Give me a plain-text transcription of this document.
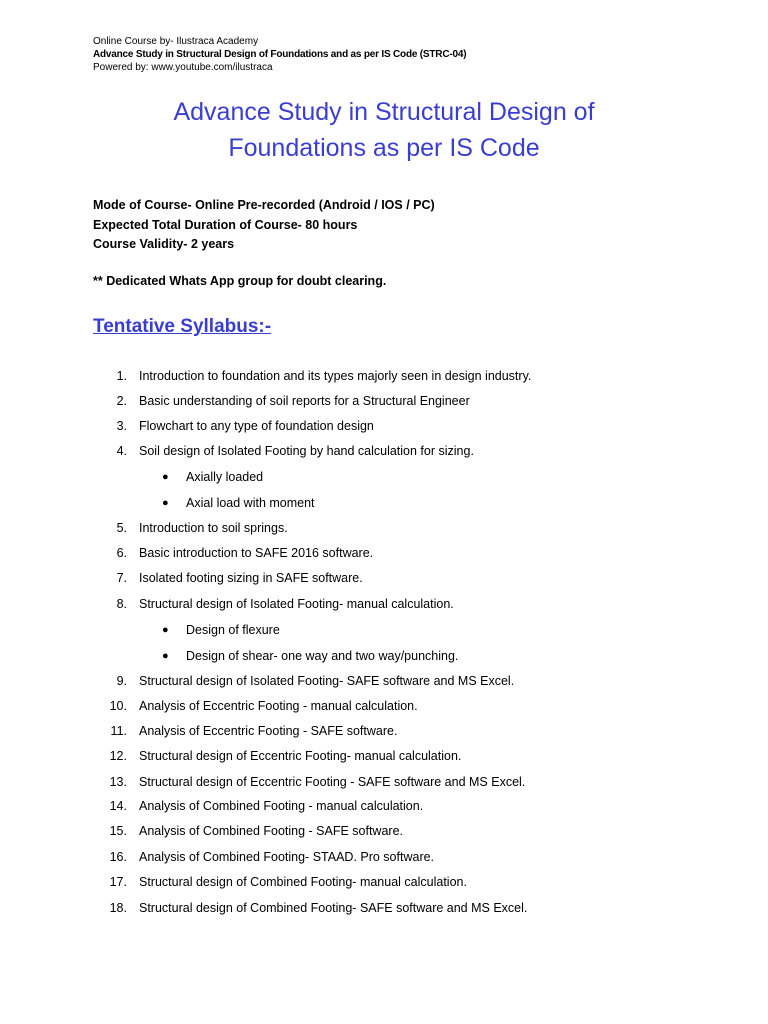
Online Course by- Ilustraca Academy
Advance Study in Structural Design of Foundations and as per IS Code (STRC-04)
Powered by: www.youtube.com/ilustraca
Advance Study in Structural Design of
Foundations as per IS Code
Mode of Course- Online Pre-recorded (Android / IOS / PC)
Expected Total Duration of Course- 80 hours
Course Validity- 2 years
** Dedicated Whats App group for doubt clearing.
Tentative Syllabus:-
1. Introduction to foundation and its types majorly seen in design industry.
2. Basic understanding of soil reports for a Structural Engineer
3. Flowchart to any type of foundation design
4. Soil design of Isolated Footing by hand calculation for sizing.
● Axially loaded
● Axial load with moment
5. Introduction to soil springs.
6. Basic introduction to SAFE 2016 software.
7. Isolated footing sizing in SAFE software.
8. Structural design of Isolated Footing- manual calculation.
● Design of flexure
● Design of shear- one way and two way/punching.
9. Structural design of Isolated Footing- SAFE software and MS Excel.
10. Analysis of Eccentric Footing - manual calculation.
11. Analysis of Eccentric Footing - SAFE software.
12. Structural design of Eccentric Footing- manual calculation.
13. Structural design of Eccentric Footing - SAFE software and MS Excel.
14. Analysis of Combined Footing - manual calculation.
15. Analysis of Combined Footing - SAFE software.
16. Analysis of Combined Footing- STAAD. Pro software.
17. Structural design of Combined Footing- manual calculation.
18. Structural design of Combined Footing- SAFE software and MS Excel.
